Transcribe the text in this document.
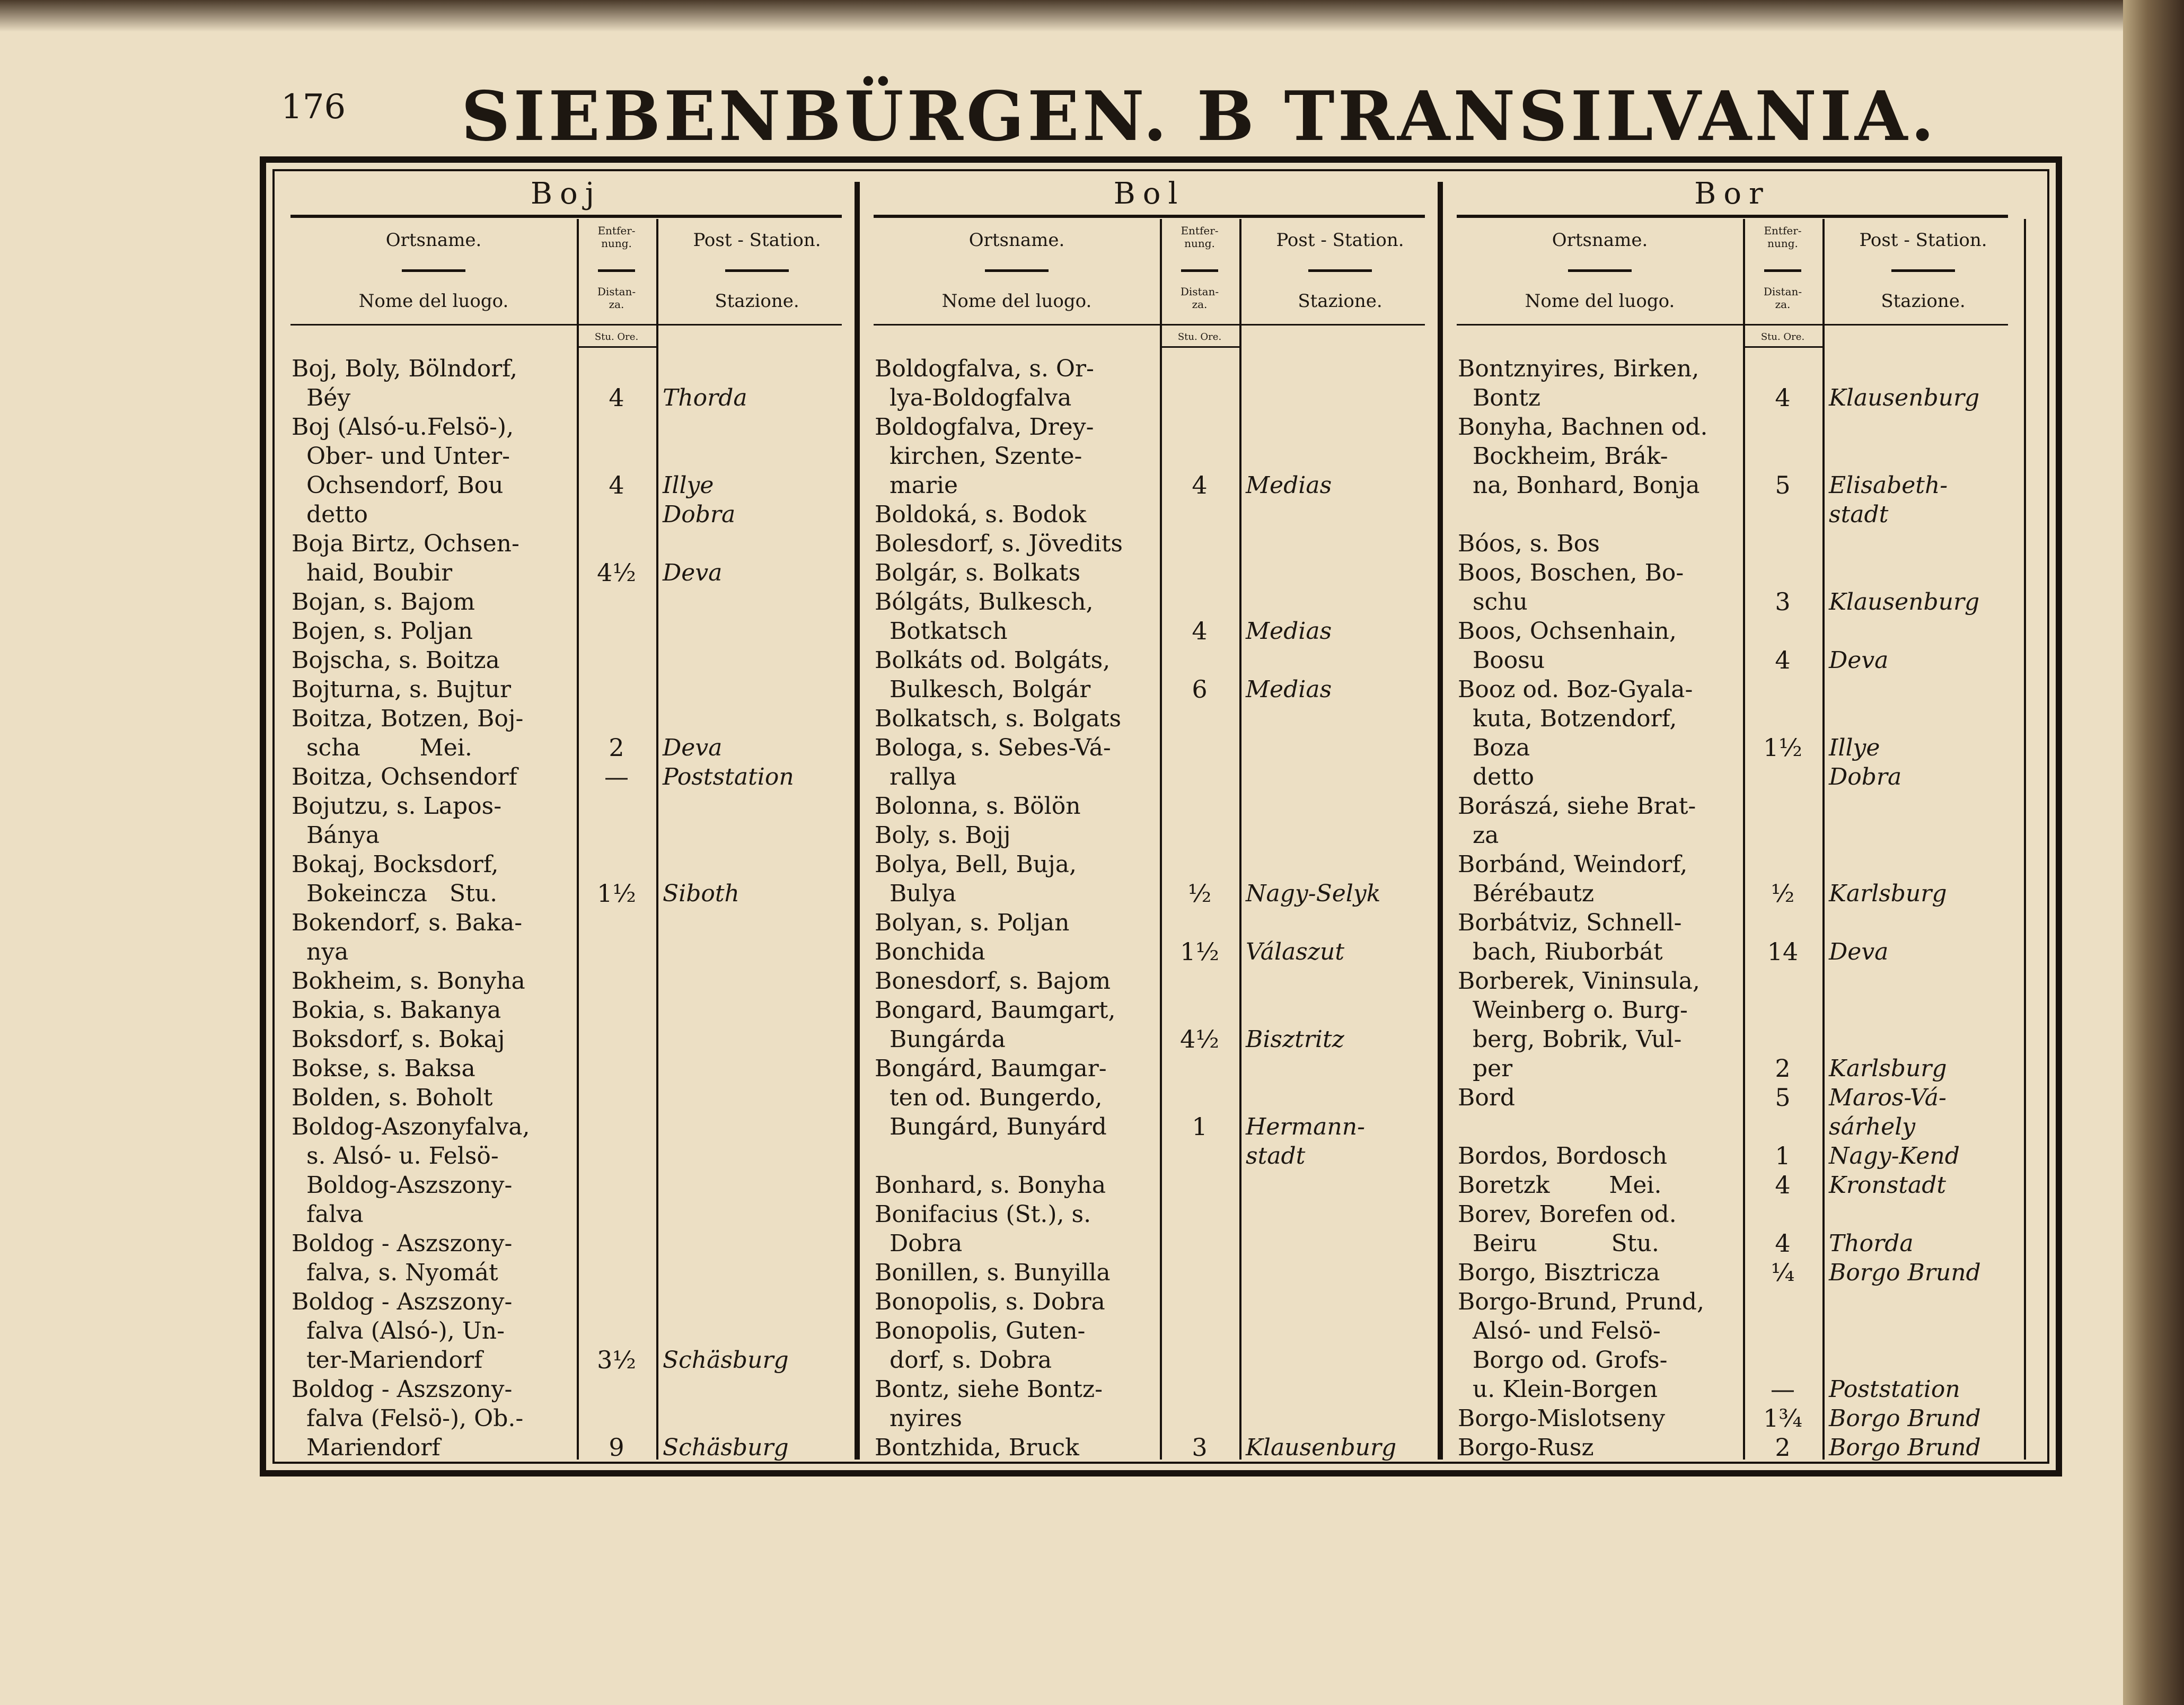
176 SIEBENBÜRGEN. B TRANSILVANIA.
Boj
Ortsname.
Nome del luogo.
Entfer-
nung.
Distan-
za.
Post - Station.
Stazione.
Stu. Ore.
Boj, Boly, Bölndorf,
Béy	4	Thorda
Boj (Alsó-u.Felsö-),
Ober- und Unter-
Ochsendorf, Bou	4	Illye
detto	Dobra
Boja Birtz, Ochsen-
haid, Boubir	4½	Deva
Bojan, s. Bajom
Bojen, s. Poljan
Bojscha, s. Boitza
Bojturna, s. Bujtur
Boitza, Botzen, Boj-
scha        Mei.	2	Deva
Boitza, Ochsendorf	—	Poststation
Bojutzu, s. Lapos-
Bánya
Bokaj, Bocksdorf,
Bokeincza   Stu.	1½	Siboth
Bokendorf, s. Baka-
nya
Bokheim, s. Bonyha
Bokia, s. Bakanya
Boksdorf, s. Bokaj
Bokse, s. Baksa
Bolden, s. Boholt
Boldog-Aszonyfalva,
s. Alsó- u. Felsö-
Boldog-Aszszony-
falva
Boldog - Aszszony-
falva, s. Nyomát
Boldog - Aszszony-
falva (Alsó-), Un-
ter-Mariendorf	3½	Schäsburg
Boldog - Aszszony-
falva (Felsö-), Ob.-
Mariendorf	9	Schäsburg
Bol
Ortsname.
Nome del luogo.
Entfer-
nung.
Distan-
za.
Post - Station.
Stazione.
Stu. Ore.
Boldogfalva, s. Or-
lya-Boldogfalva
Boldogfalva, Drey-
kirchen, Szente-
marie	4	Medias
Boldoká, s. Bodok
Bolesdorf, s. Jövedits
Bolgár, s. Bolkats
Bólgáts, Bulkesch,
Botkatsch	4	Medias
Bolkáts od. Bolgáts,
Bulkesch, Bolgár	6	Medias
Bolkatsch, s. Bolgats
Bologa, s. Sebes-Vá-
rallya
Bolonna, s. Bölön
Boly, s. Bojj
Bolya, Bell, Buja,
Bulya	½	Nagy-Selyk
Bolyan, s. Poljan
Bonchida	1½	Válaszut
Bonesdorf, s. Bajom
Bongard, Baumgart,
Bungárda	4½	Bisztritz
Bongárd, Baumgar-
ten od. Bungerdo,
Bungárd, Bunyárd	1	Hermann-
stadt
Bonhard, s. Bonyha
Bonifacius (St.), s.
Dobra
Bonillen, s. Bunyilla
Bonopolis, s. Dobra
Bonopolis, Guten-
dorf, s. Dobra
Bontz, siehe Bontz-
nyires
Bontzhida, Bruck	3	Klausenburg
Bor
Ortsname.
Nome del luogo.
Entfer-
nung.
Distan-
za.
Post - Station.
Stazione.
Stu. Ore.
Bontznyires, Birken,
Bontz	4	Klausenburg
Bonyha, Bachnen od.
Bockheim, Brák-
na, Bonhard, Bonja	5	Elisabeth-
stadt
Bóos, s. Bos
Boos, Boschen, Bo-
schu	3	Klausenburg
Boos, Ochsenhain,
Boosu	4	Deva
Booz od. Boz-Gyala-
kuta, Botzendorf,
Boza	1½	Illye
detto	Dobra
Borászá, siehe Brat-
za
Borbánd, Weindorf,
Bérébautz	½	Karlsburg
Borbátviz, Schnell-
bach, Riuborbát	14	Deva
Borberek, Vininsula,
Weinberg o. Burg-
berg, Bobrik, Vul-
per	2	Karlsburg
Bord	5	Maros-Vá-
sárhely
Bordos, Bordosch	1	Nagy-Kend
Boretzk        Mei.	4	Kronstadt
Borev, Borefen od.
Beiru          Stu.	4	Thorda
Borgo, Bisztricza	¼	Borgo Brund
Borgo-Brund, Prund,
Alsó- und Felsö-
Borgo od. Grofs-
u. Klein-Borgen	—	Poststation
Borgo-Mislotseny	1¾	Borgo Brund
Borgo-Rusz	2	Borgo Brund
